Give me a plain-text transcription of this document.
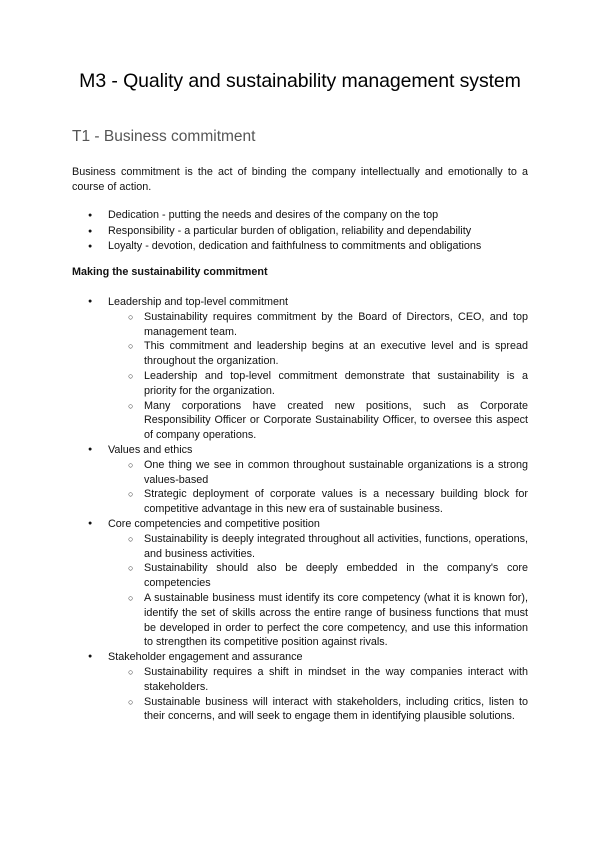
M3 - Quality and sustainability management system
T1 - Business commitment
Business commitment is the act of binding the company intellectually and emotionally to a course of action.
● Dedication - putting the needs and desires of the company on the top
● Responsibility - a particular burden of obligation, reliability and dependability
● Loyalty - devotion, dedication and faithfulness to commitments and obligations
Making the sustainability commitment
● Leadership and top-level commitment
○ Sustainability requires commitment by the Board of Directors, CEO, and top management team.
○ This commitment and leadership begins at an executive level and is spread throughout the organization.
○ Leadership and top-level commitment demonstrate that sustainability is a priority for the organization.
○ Many corporations have created new positions, such as Corporate Responsibility Officer or Corporate Sustainability Officer, to oversee this aspect of company operations.
● Values and ethics
○ One thing we see in common throughout sustainable organizations is a strong values-based
○ Strategic deployment of corporate values is a necessary building block for competitive advantage in this new era of sustainable business.
● Core competencies and competitive position
○ Sustainability is deeply integrated throughout all activities, functions, operations, and business activities.
○ Sustainability should also be deeply embedded in the company's core competencies
○ A sustainable business must identify its core competency (what it is known for), identify the set of skills across the entire range of business functions that must be developed in order to perfect the core competency, and use this information to strengthen its competitive position against rivals.
● Stakeholder engagement and assurance
○ Sustainability requires a shift in mindset in the way companies interact with stakeholders.
○ Sustainable business will interact with stakeholders, including critics, listen to their concerns, and will seek to engage them in identifying plausible solutions.
